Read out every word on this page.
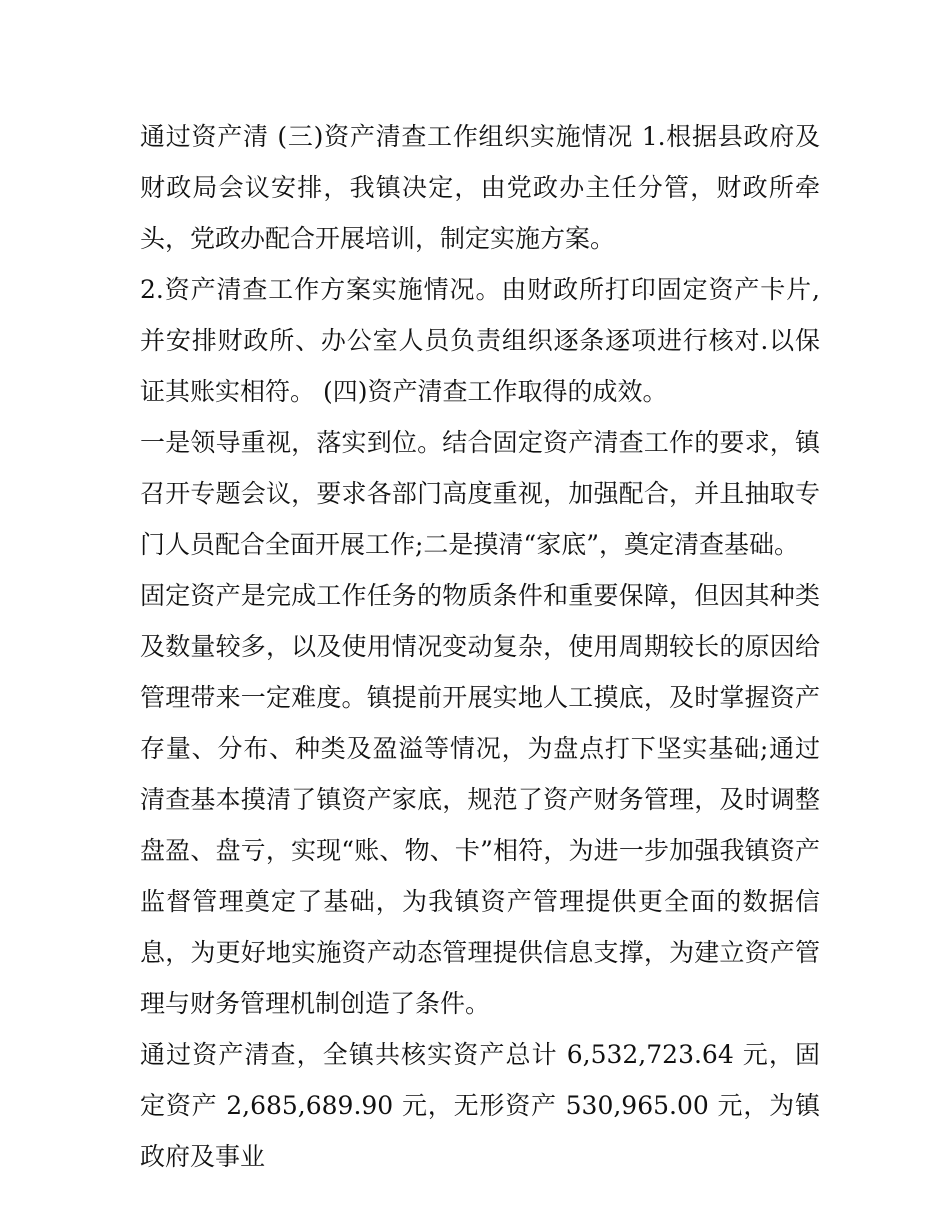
通过资产清 (三)资产清查工作组织实施情况 1.根据县政府及财政局会议安排，我镇决定，由党政办主任分管，财政所牵头，党政办配合开展培训，制定实施方案。

2.资产清查工作方案实施情况。由财政所打印固定资产卡片,并安排财政所、办公室人员负责组织逐条逐项进行核对.以保证其账实相符。 (四)资产清查工作取得的成效。

一是领导重视，落实到位。结合固定资产清查工作的要求，镇召开专题会议，要求各部门高度重视，加强配合，并且抽取专门人员配合全面开展工作;二是摸清“家底”，奠定清查基础。

固定资产是完成工作任务的物质条件和重要保障，但因其种类及数量较多，以及使用情况变动复杂，使用周期较长的原因给管理带来一定难度。镇提前开展实地人工摸底，及时掌握资产存量、分布、种类及盈溢等情况，为盘点打下坚实基础;通过清查基本摸清了镇资产家底，规范了资产财务管理，及时调整盘盈、盘亏，实现“账、物、卡”相符，为进一步加强我镇资产监督管理奠定了基础，为我镇资产管理提供更全面的数据信息，为更好地实施资产动态管理提供信息支撑，为建立资产管理与财务管理机制创造了条件。

通过资产清查，全镇共核实资产总计 6,532,723.64 元，固定资产 2,685,689.90 元，无形资产 530,965.00 元，为镇政府及事业
